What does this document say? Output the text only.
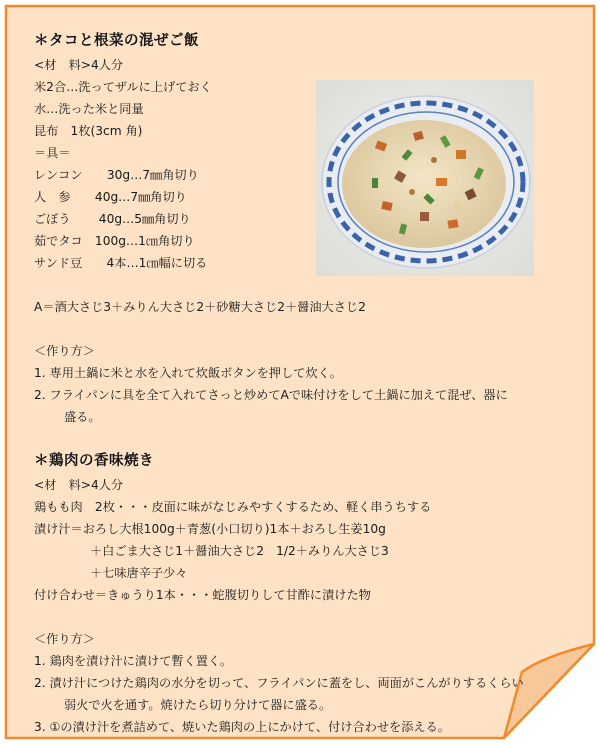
＊タコと根菜の混ぜご飯
<材　料>4人分
米2合…洗ってザルに上げておく
水…洗った米と同量
昆布　1枚(3cm 角)
＝具＝
レンコン　　30g…7㎜角切り
人　参　　40g…7㎜角切り
ごぼう　　 40g…5㎜角切り
茹でタコ　100g…1㎝角切り
サンド豆　　4本…1㎝幅に切る
A＝酒大さじ3＋みりん大さじ2＋砂糖大さじ2＋醤油大さじ2
＜作り方＞
1. 専用土鍋に米と水を入れて炊飯ボタンを押して炊く。
2. フライパンに具を全て入れてさっと炒めてAで味付けをして土鍋に加えて混ぜ、器に
盛る。
＊鶏肉の香味焼き
<材　料>4人分
鶏もも肉　2枚・・・皮面に味がなじみやすくするため、軽く串うちする
漬け汁＝おろし大根100g＋青葱(小口切り)1本＋おろし生姜10g
＋白ごま大さじ1＋醤油大さじ2　1/2＋みりん大さじ3
＋七味唐辛子少々
付け合わせ＝きゅうり1本・・・蛇腹切りして甘酢に漬けた物
＜作り方＞
1. 鶏肉を漬け汁に漬けて暫く置く。
2. 漬け汁につけた鶏肉の水分を切って、フライパンに蓋をし、両面がこんがりするくらい
弱火で火を通す。焼けたら切り分けて器に盛る。
3. ①の漬け汁を煮詰めて、焼いた鶏肉の上にかけて、付け合わせを添える。
